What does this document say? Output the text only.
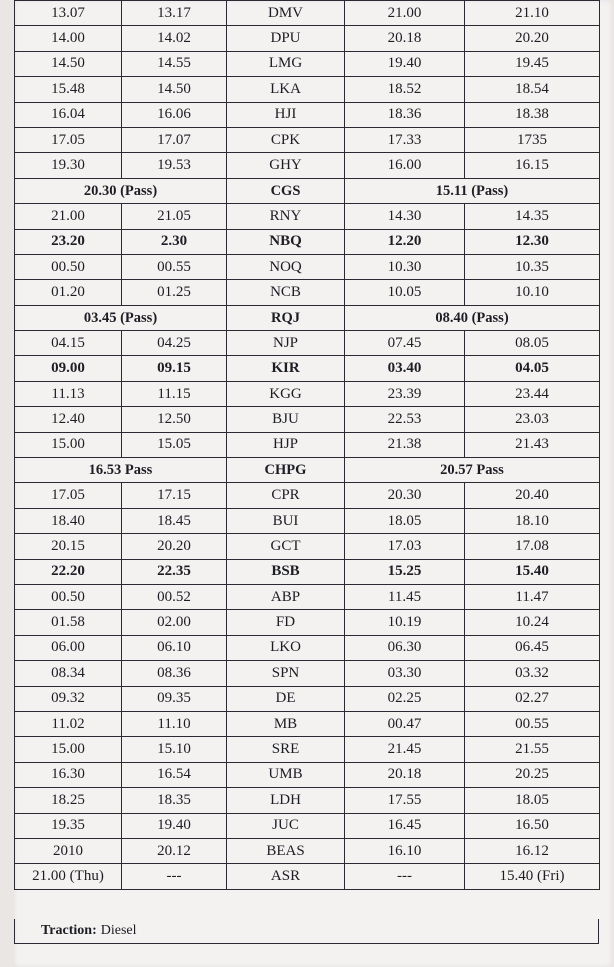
13.07	13.17	DMV	21.00	21.10
14.00	14.02	DPU	20.18	20.20
14.50	14.55	LMG	19.40	19.45
15.48	14.50	LKA	18.52	18.54
16.04	16.06	HJI	18.36	18.38
17.05	17.07	CPK	17.33	1735
19.30	19.53	GHY	16.00	16.15
20.30 (Pass)		CGS	15.11 (Pass)	
21.00	21.05	RNY	14.30	14.35
23.20	2.30	NBQ	12.20	12.30
00.50	00.55	NOQ	10.30	10.35
01.20	01.25	NCB	10.05	10.10
03.45 (Pass)		RQJ	08.40 (Pass)	
04.15	04.25	NJP	07.45	08.05
09.00	09.15	KIR	03.40	04.05
11.13	11.15	KGG	23.39	23.44
12.40	12.50	BJU	22.53	23.03
15.00	15.05	HJP	21.38	21.43
16.53 Pass		CHPG	20.57 Pass	
17.05	17.15	CPR	20.30	20.40
18.40	18.45	BUI	18.05	18.10
20.15	20.20	GCT	17.03	17.08
22.20	22.35	BSB	15.25	15.40
00.50	00.52	ABP	11.45	11.47
01.58	02.00	FD	10.19	10.24
06.00	06.10	LKO	06.30	06.45
08.34	08.36	SPN	03.30	03.32
09.32	09.35	DE	02.25	02.27
11.02	11.10	MB	00.47	00.55
15.00	15.10	SRE	21.45	21.55
16.30	16.54	UMB	20.18	20.25
18.25	18.35	LDH	17.55	18.05
19.35	19.40	JUC	16.45	16.50
2010	20.12	BEAS	16.10	16.12
21.00 (Thu)	---	ASR	---	15.40 (Fri)
Traction: Diesel
